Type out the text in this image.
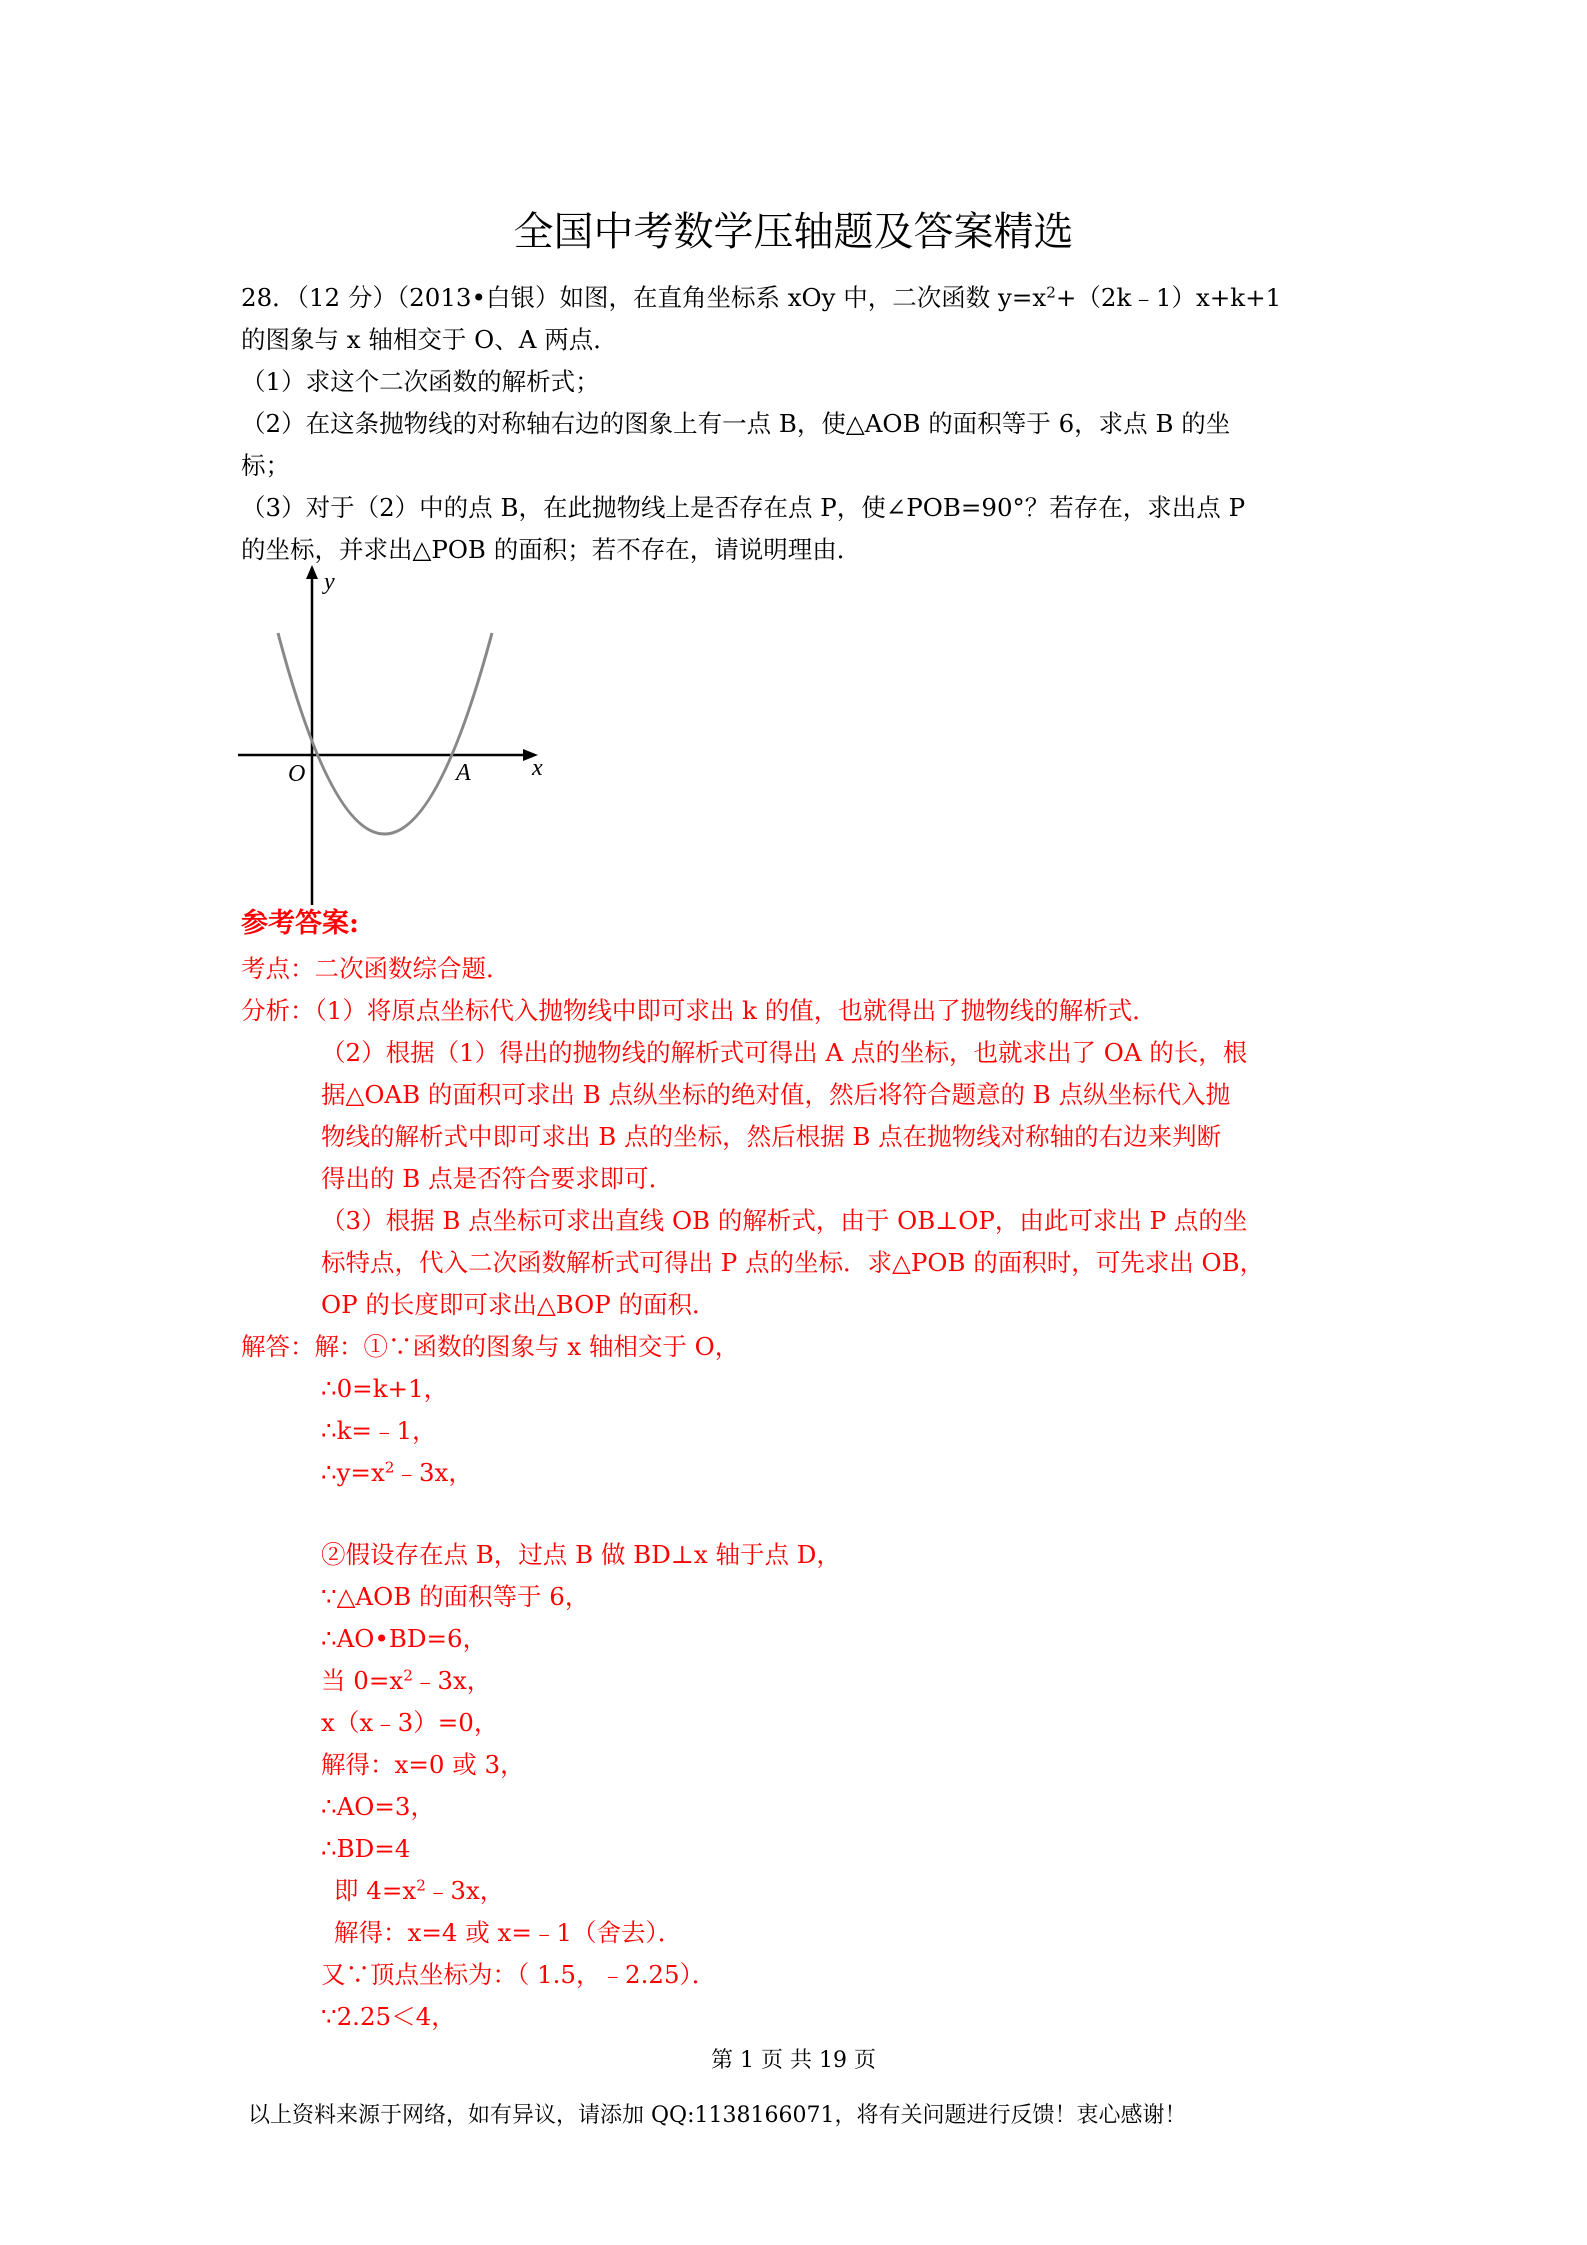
全国中考数学压轴题及答案精选
28．（12 分）（2013•白银）如图，在直角坐标系 xOy 中，二次函数 $y=x^2+(2k﹣1)x+k+1$
的图象与 x 轴相交于 O、A 两点．
（1）求这个二次函数的解析式；
（2）在这条抛物线的对称轴右边的图象上有一点 B，使△AOB 的面积等于 6，求点 B 的坐
标；
（3）对于（2）中的点 B，在此抛物线上是否存在点 P，使∠POB=90°？若存在，求出点 P
的坐标，并求出△POB 的面积；若不存在，请说明理由．
y
x
O	A
参考答案:
考点：二次函数综合题．
分析：（1）将原点坐标代入抛物线中即可求出 k 的值，也就得出了抛物线的解析式．
（2）根据（1）得出的抛物线的解析式可得出 A 点的坐标，也就求出了 OA 的长，根
据△OAB 的面积可求出 B 点纵坐标的绝对值，然后将符合题意的 B 点纵坐标代入抛
物线的解析式中即可求出 B 点的坐标，然后根据 B 点在抛物线对称轴的右边来判断
得出的 B 点是否符合要求即可．
（3）根据 B 点坐标可求出直线 OB 的解析式，由于 OB⊥OP，由此可求出 P 点的坐
标特点，代入二次函数解析式可得出 P 点的坐标．求△POB 的面积时，可先求出 OB，
OP 的长度即可求出△BOP 的面积．
解答：解：①∵函数的图象与 x 轴相交于 O，
∴0=k+1，
∴k=﹣1，
$\therefore y=x^2﹣3x$，
②假设存在点 B，过点 B 做 BD⊥x 轴于点 D，
∵△AOB 的面积等于 6，
∴AO•BD=6，
当 $0=x^2﹣3x$，
x（x﹣3）=0，
解得：x=0 或 3，
∴AO=3，
∴BD=4
即 $4=x^2﹣3x$，
解得：x=4 或 x=﹣1（舍去）．
又∵顶点坐标为：（ 1.5，﹣2.25）．
∵2.25＜4，
第 1 页 共 19 页
以上资料来源于网络，如有异议，请添加 QQ:1138166071，将有关问题进行反馈！衷心感谢！
